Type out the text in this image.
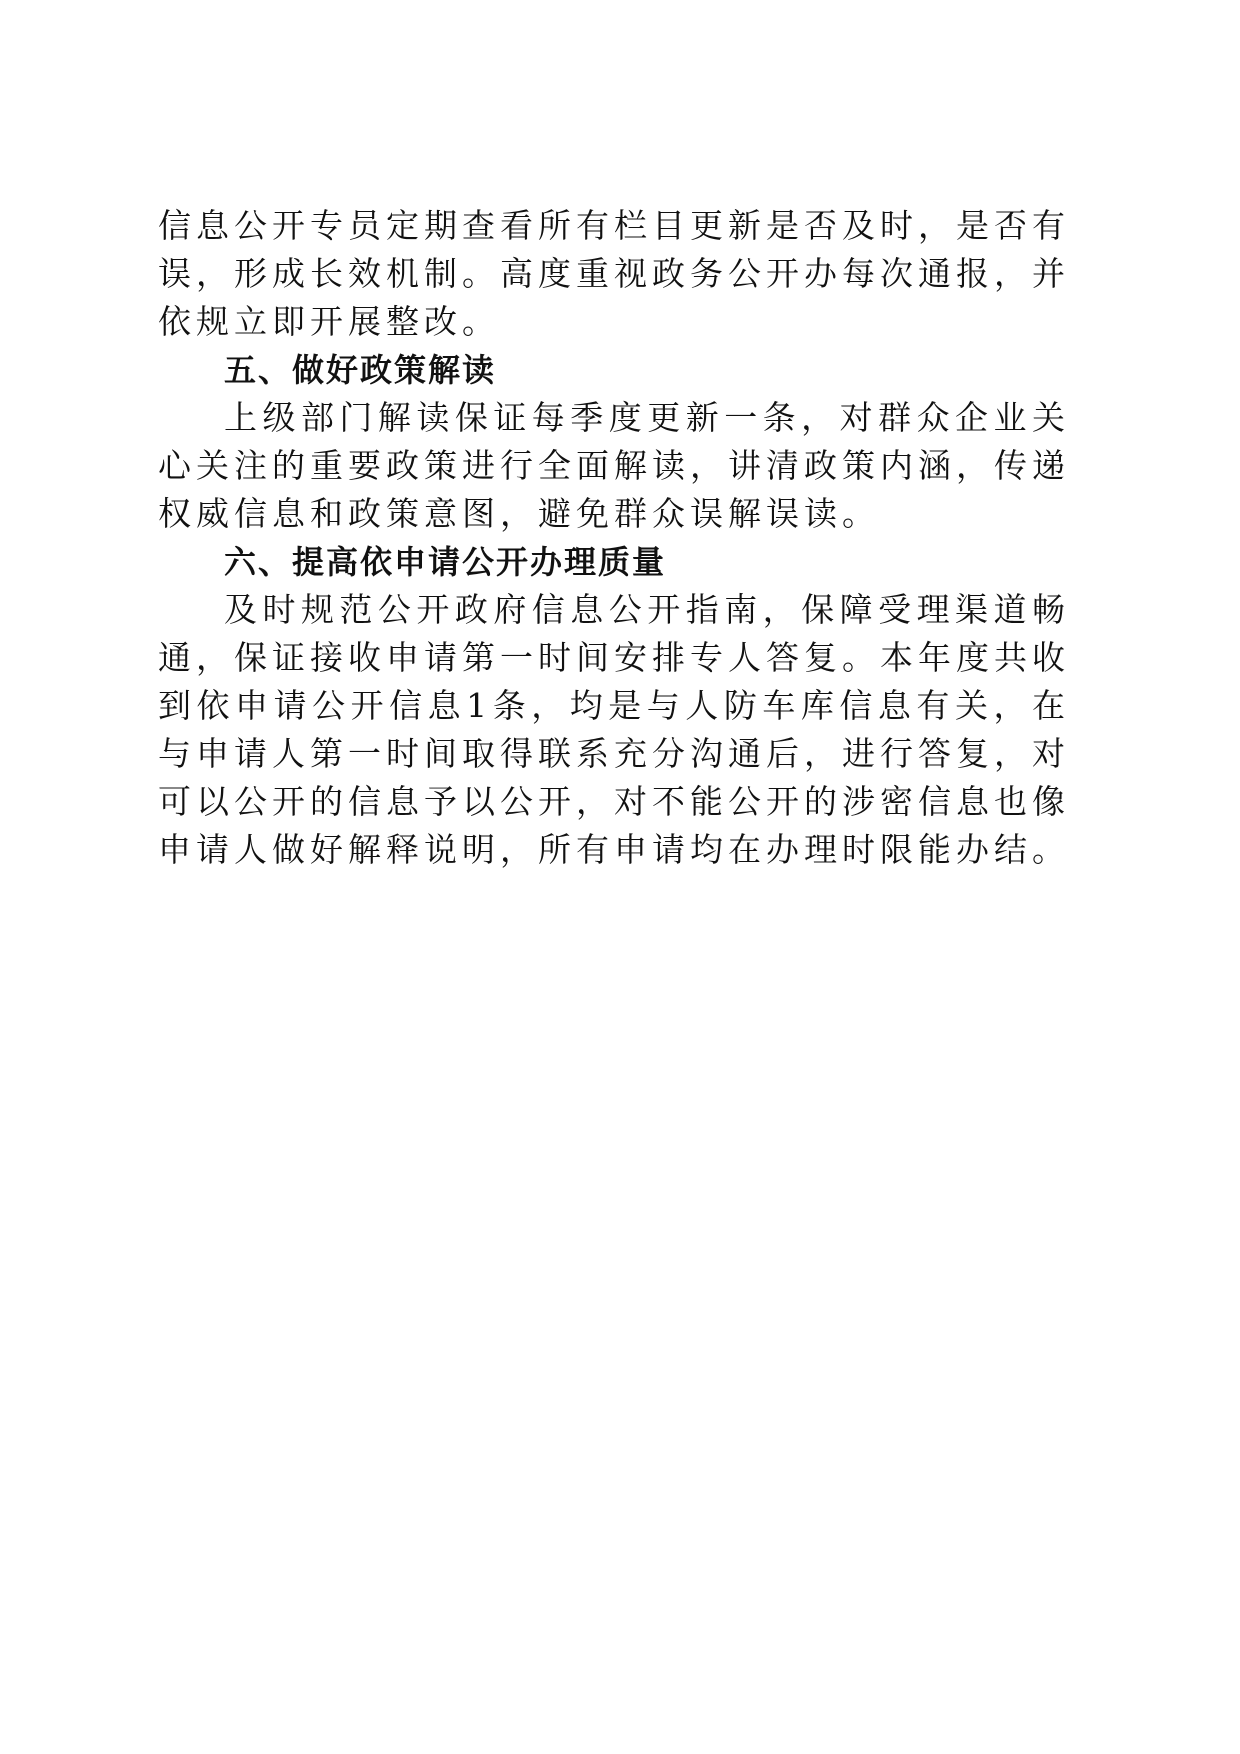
信息公开专员定期查看所有栏目更新是否及时，是否有误，形成长效机制。高度重视政务公开办每次通报，并依规立即开展整改。

五、做好政策解读

上级部门解读保证每季度更新一条，对群众企业关心关注的重要政策进行全面解读，讲清政策内涵，传递权威信息和政策意图，避免群众误解误读。

六、提高依申请公开办理质量

及时规范公开政府信息公开指南，保障受理渠道畅通，保证接收申请第一时间安排专人答复。本年度共收到依申请公开信息1条，均是与人防车库信息有关，在与申请人第一时间取得联系充分沟通后，进行答复，对可以公开的信息予以公开，对不能公开的涉密信息也像申请人做好解释说明，所有申请均在办理时限能办结。
